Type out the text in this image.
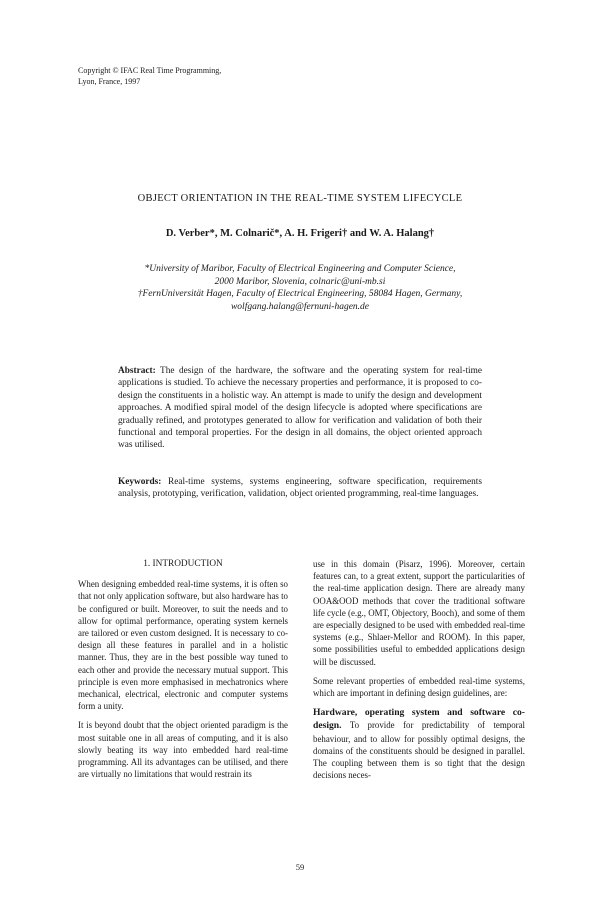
Copyright © IFAC Real Time Programming,
Lyon, France, 1997
OBJECT ORIENTATION IN THE REAL-TIME SYSTEM LIFECYCLE
D. Verber*, M. Colnarič*, A. H. Frigeri† and W. A. Halang†
*University of Maribor, Faculty of Electrical Engineering and Computer Science,
2000 Maribor, Slovenia, colnaric@uni-mb.si
†FernUniversität Hagen, Faculty of Electrical Engineering, 58084 Hagen, Germany,
wolfgang.halang@fernuni-hagen.de
Abstract: The design of the hardware, the software and the operating system for real-time applications is studied. To achieve the necessary properties and performance, it is proposed to co-design the constituents in a holistic way. An attempt is made to unify the design and development approaches. A modified spiral model of the design lifecycle is adopted where specifications are gradually refined, and prototypes generated to allow for verification and validation of both their functional and temporal properties. For the design in all domains, the object oriented approach was utilised.
Keywords: Real-time systems, systems engineering, software specification, requirements analysis, prototyping, verification, validation, object oriented programming, real-time languages.
1. INTRODUCTION

When designing embedded real-time systems, it is often so that not only application software, but also hardware has to be configured or built. Moreover, to suit the needs and to allow for optimal performance, operating system kernels are tailored or even custom designed. It is necessary to co-design all these features in parallel and in a holistic manner. Thus, they are in the best possible way tuned to each other and provide the necessary mutual support. This principle is even more emphasised in mechatronics where mechanical, electrical, electronic and computer systems form a unity.

It is beyond doubt that the object oriented paradigm is the most suitable one in all areas of computing, and it is also slowly beating its way into embedded hard real-time programming. All its advantages can be utilised, and there are virtually no limitations that would restrain its

use in this domain (Pisarz, 1996). Moreover, certain features can, to a great extent, support the particularities of the real-time application design. There are already many OOA&OOD methods that cover the traditional software life cycle (e.g., OMT, Objectory, Booch), and some of them are especially designed to be used with embedded real-time systems (e.g., Shlaer-Mellor and ROOM). In this paper, some possibilities useful to embedded applications design will be discussed.

Some relevant properties of embedded real-time systems, which are important in defining design guidelines, are:

Hardware, operating system and software co-design. To provide for predictability of temporal behaviour, and to allow for possibly optimal designs, the domains of the constituents should be designed in parallel. The coupling between them is so tight that the design decisions neces-

59
